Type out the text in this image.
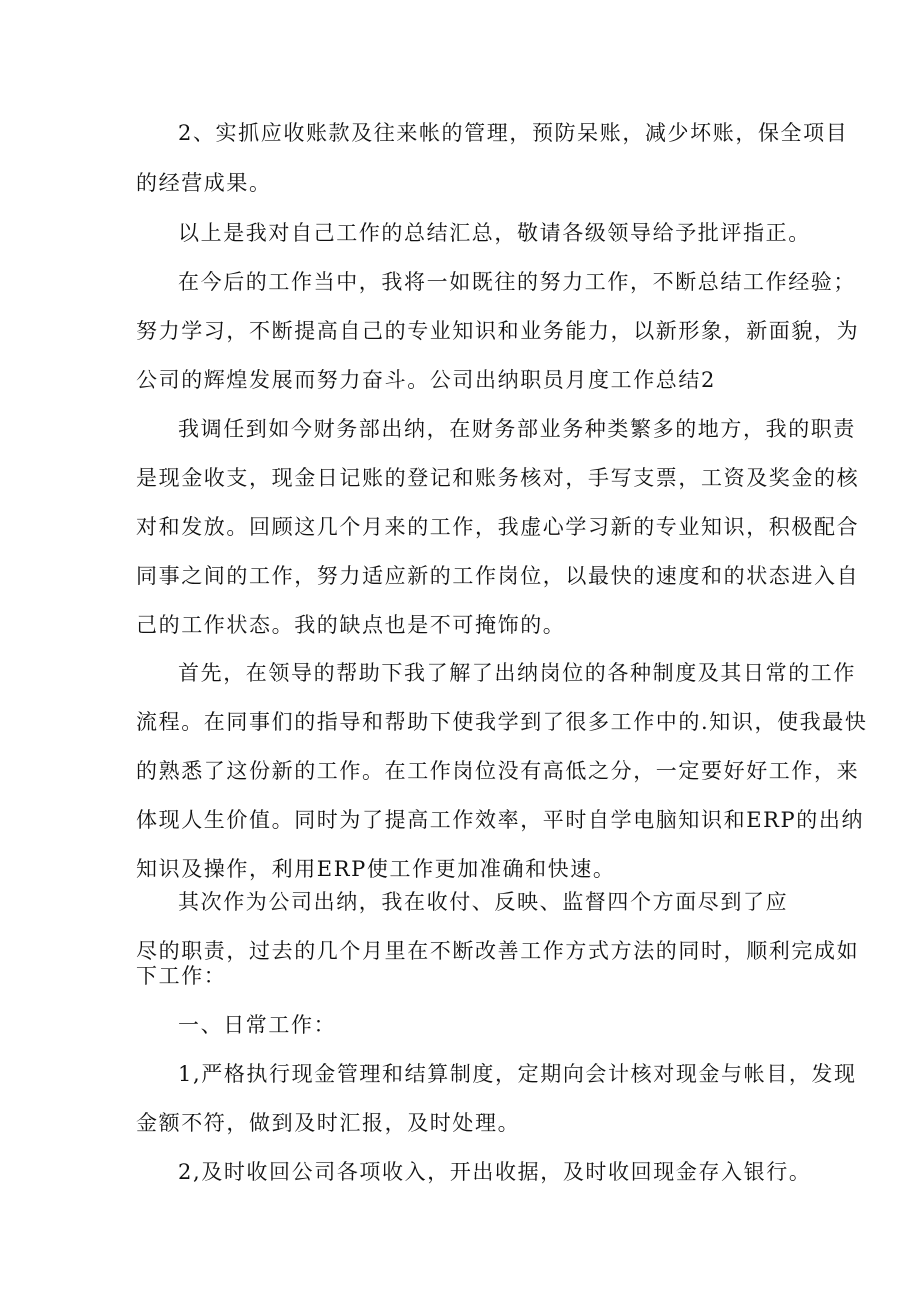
2、实抓应收账款及往来帐的管理，预防呆账，减少坏账，保全项目
的经营成果。
以上是我对自己工作的总结汇总，敬请各级领导给予批评指正。
在今后的工作当中，我将一如既往的努力工作，不断总结工作经验；
努力学习，不断提高自己的专业知识和业务能力，以新形象，新面貌，为
公司的辉煌发展而努力奋斗。公司出纳职员月度工作总结2
我调任到如今财务部出纳，在财务部业务种类繁多的地方，我的职责
是现金收支，现金日记账的登记和账务核对，手写支票，工资及奖金的核
对和发放。回顾这几个月来的工作，我虚心学习新的专业知识，积极配合
同事之间的工作，努力适应新的工作岗位，以最快的速度和的状态进入自
己的工作状态。我的缺点也是不可掩饰的。
首先，在领导的帮助下我了解了出纳岗位的各种制度及其日常的工作
流程。在同事们的指导和帮助下使我学到了很多工作中的.知识，使我最快
的熟悉了这份新的工作。在工作岗位没有高低之分，一定要好好工作，来
体现人生价值。同时为了提高工作效率，平时自学电脑知识和ERP的出纳
知识及操作，利用ERP使工作更加准确和快速。
其次作为公司出纳，我在收付、反映、监督四个方面尽到了应
尽的职责，过去的几个月里在不断改善工作方式方法的同时，顺利完成如
下工作：
一、日常工作：
1,严格执行现金管理和结算制度，定期向会计核对现金与帐目，发现
金额不符，做到及时汇报，及时处理。
2,及时收回公司各项收入，开出收据，及时收回现金存入银行。
